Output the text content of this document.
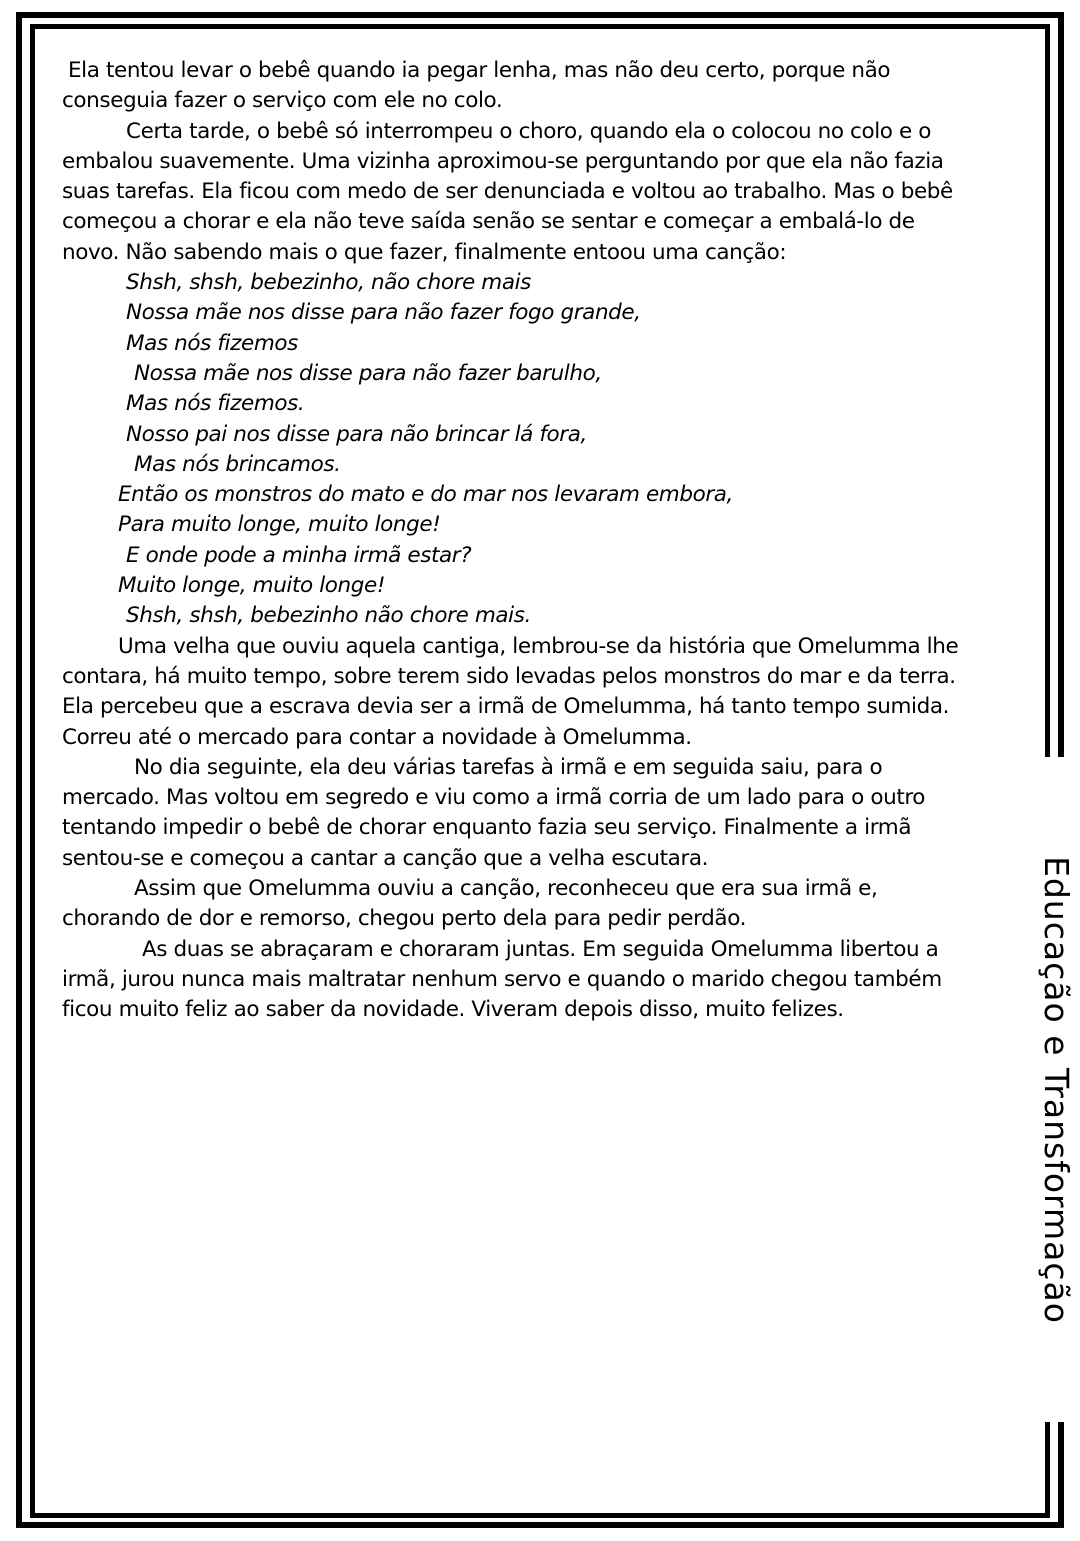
Educação e Transformação
Ela tentou levar o bebê quando ia pegar lenha, mas não deu certo, porque não
conseguia fazer o serviço com ele no colo.
Certa tarde, o bebê só interrompeu o choro, quando ela o colocou no colo e o
embalou suavemente. Uma vizinha aproximou-se perguntando por que ela não fazia
suas tarefas. Ela ficou com medo de ser denunciada e voltou ao trabalho. Mas o bebê
começou a chorar e ela não teve saída senão se sentar e começar a embalá-lo de
novo. Não sabendo mais o que fazer, finalmente entoou uma canção:
Shsh, shsh, bebezinho, não chore mais
Nossa mãe nos disse para não fazer fogo grande,
Mas nós fizemos
Nossa mãe nos disse para não fazer barulho,
Mas nós fizemos.
Nosso pai nos disse para não brincar lá fora,
Mas nós brincamos.
Então os monstros do mato e do mar nos levaram embora,
Para muito longe, muito longe!
E onde pode a minha irmã estar?
Muito longe, muito longe!
Shsh, shsh, bebezinho não chore mais.
Uma velha que ouviu aquela cantiga, lembrou-se da história que Omelumma lhe
contara, há muito tempo, sobre terem sido levadas pelos monstros do mar e da terra.
Ela percebeu que a escrava devia ser a irmã de Omelumma, há tanto tempo sumida.
Correu até o mercado para contar a novidade à Omelumma.
No dia seguinte, ela deu várias tarefas à irmã e em seguida saiu, para o
mercado. Mas voltou em segredo e viu como a irmã corria de um lado para o outro
tentando impedir o bebê de chorar enquanto fazia seu serviço. Finalmente a irmã
sentou-se e começou a cantar a canção que a velha escutara.
Assim que Omelumma ouviu a canção, reconheceu que era sua irmã e,
chorando de dor e remorso, chegou perto dela para pedir perdão.
As duas se abraçaram e choraram juntas. Em seguida Omelumma libertou a
irmã, jurou nunca mais maltratar nenhum servo e quando o marido chegou também
ficou muito feliz ao saber da novidade. Viveram depois disso, muito felizes.
